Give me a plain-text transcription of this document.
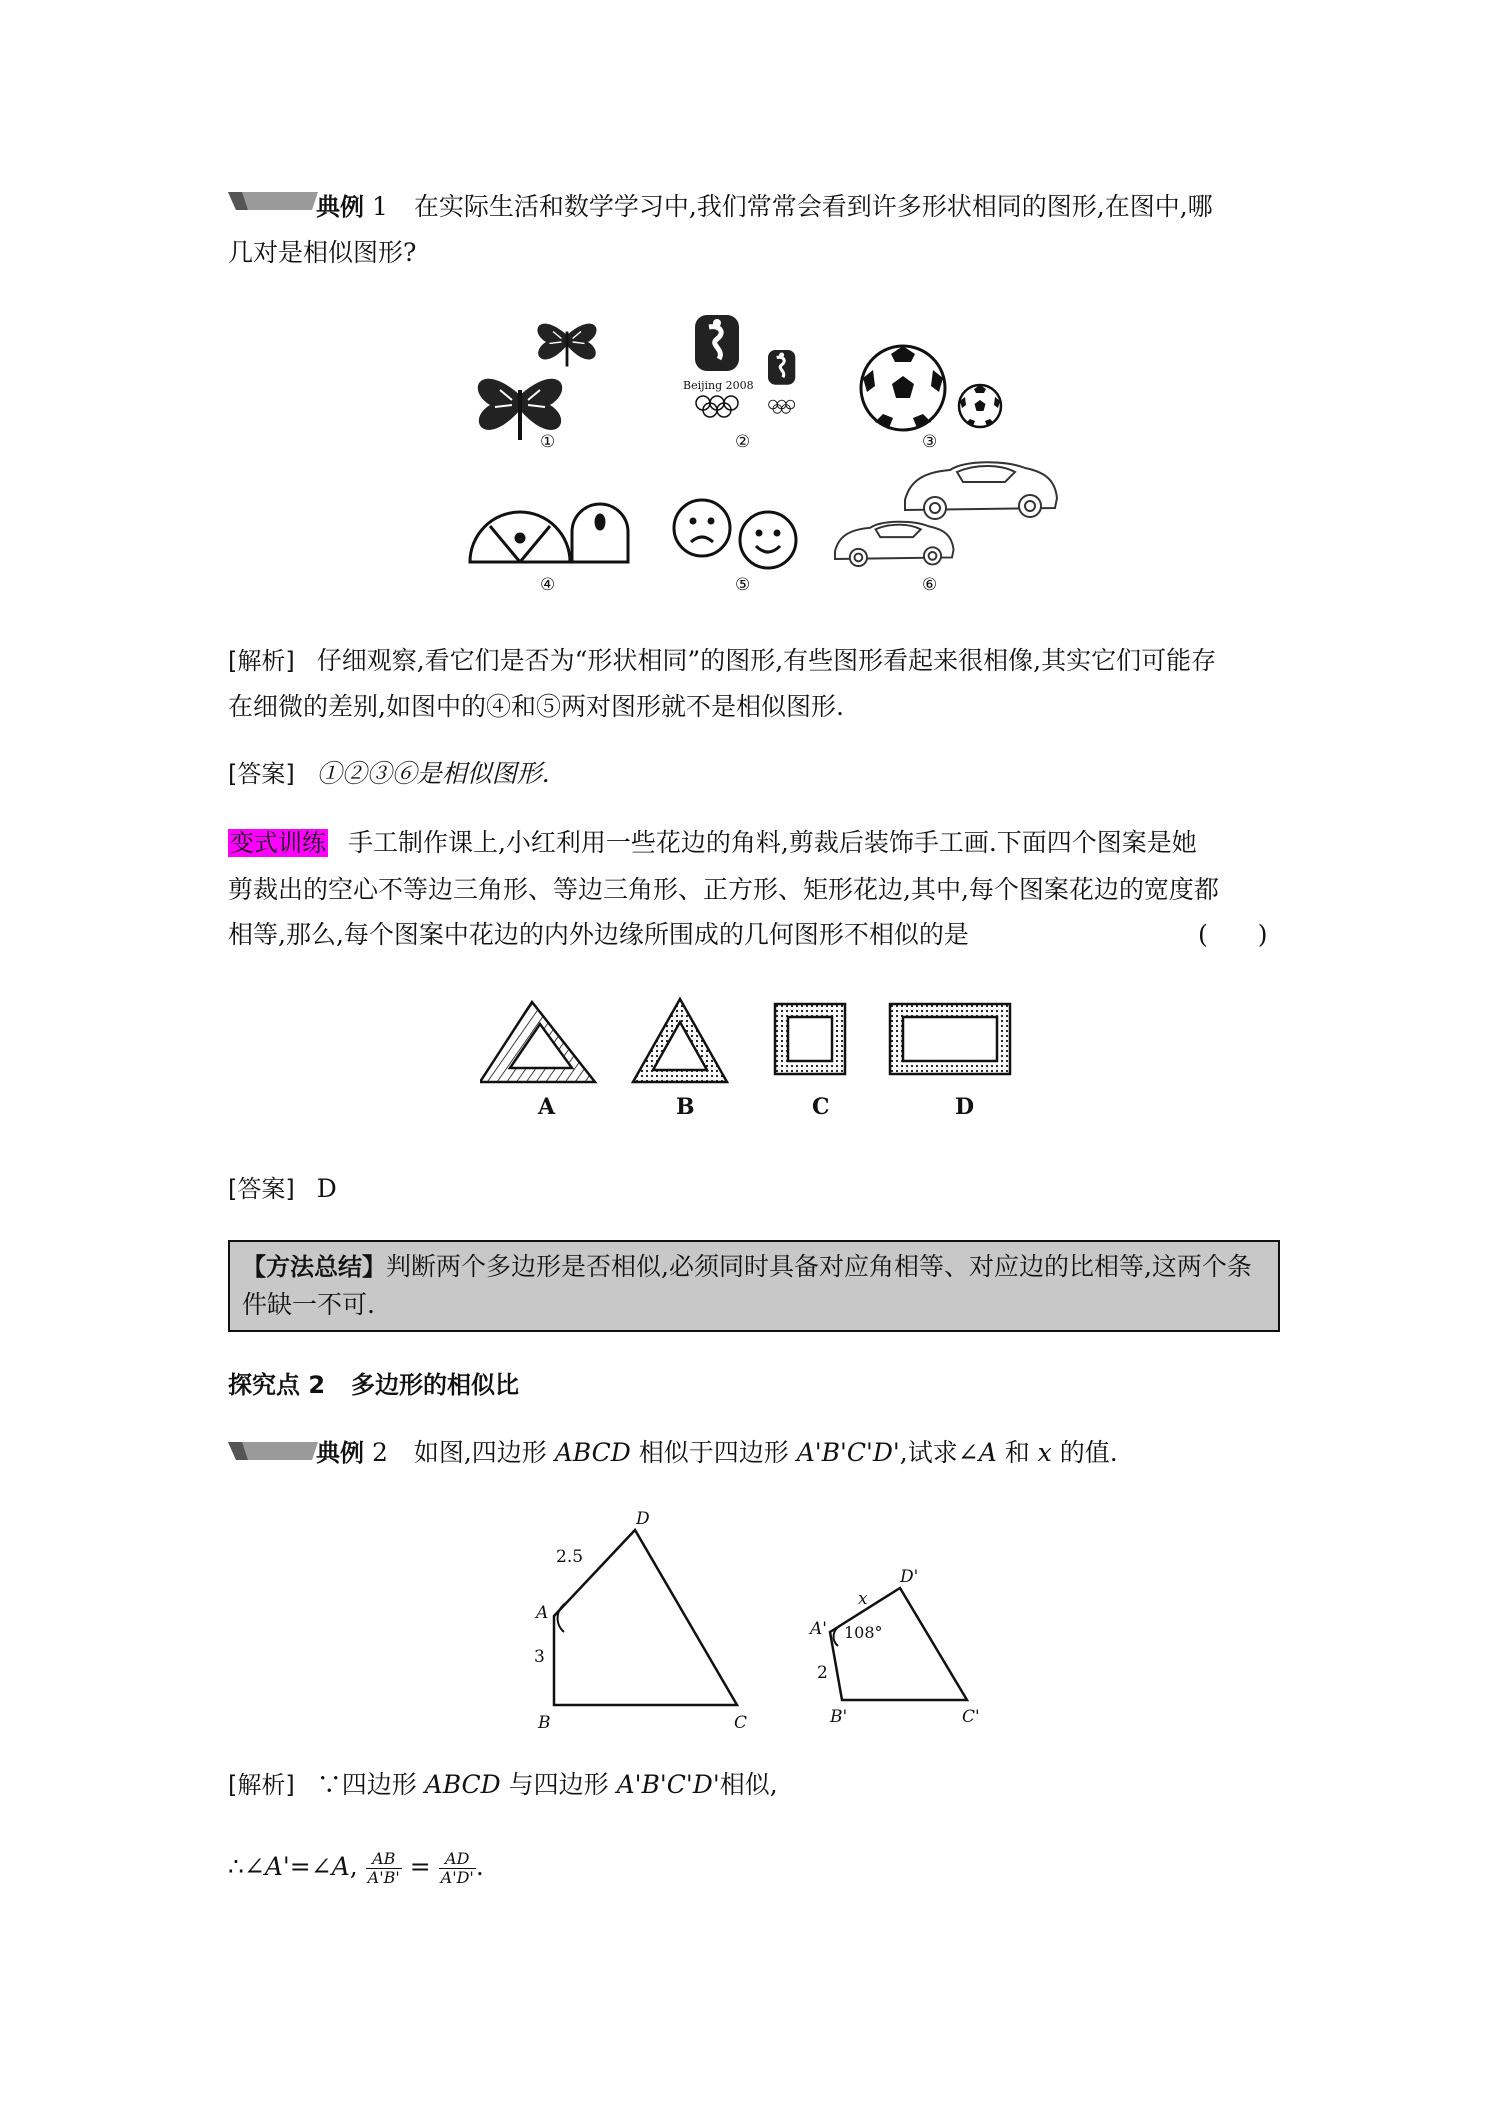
典例 1 在实际生活和数学学习中,我们常常会看到许多形状相同的图形,在图中,哪
几对是相似图形?
Beijing 2008
①	②	③
④	⑤	⑥
[解析] 仔细观察,看它们是否为“形状相同”的图形,有些图形看起来很相像,其实它们可能存
在细微的差别,如图中的④和⑤两对图形就不是相似图形.
[答案] ①②③⑥是相似图形.
变式训练 手工制作课上,小红利用一些花边的角料,剪裁后装饰手工画.下面四个图案是她
剪裁出的空心不等边三角形、等边三角形、正方形、矩形花边,其中,每个图案花边的宽度都
相等,那么,每个图案中花边的内外边缘所围成的几何图形不相似的是	(　　)
A	B	C	D
[答案] D
【方法总结】判断两个多边形是否相似,必须同时具备对应角相等、对应边的比相等,这两个条件缺一不可.
探究点 2 多边形的相似比
典例 2 如图,四边形 ABCD 相似于四边形 A'B'C'D',试求∠A 和 x 的值.
A
B	C
D
2.5
3
A'
B'	C'
D'
x
2
108°
[解析] ∵四边形 ABCD 与四边形 A'B'C'D'相似,
∴∠A'=∠A, $\frac{AB}{A'B'} = \frac{AD}{A'D'}$ .
